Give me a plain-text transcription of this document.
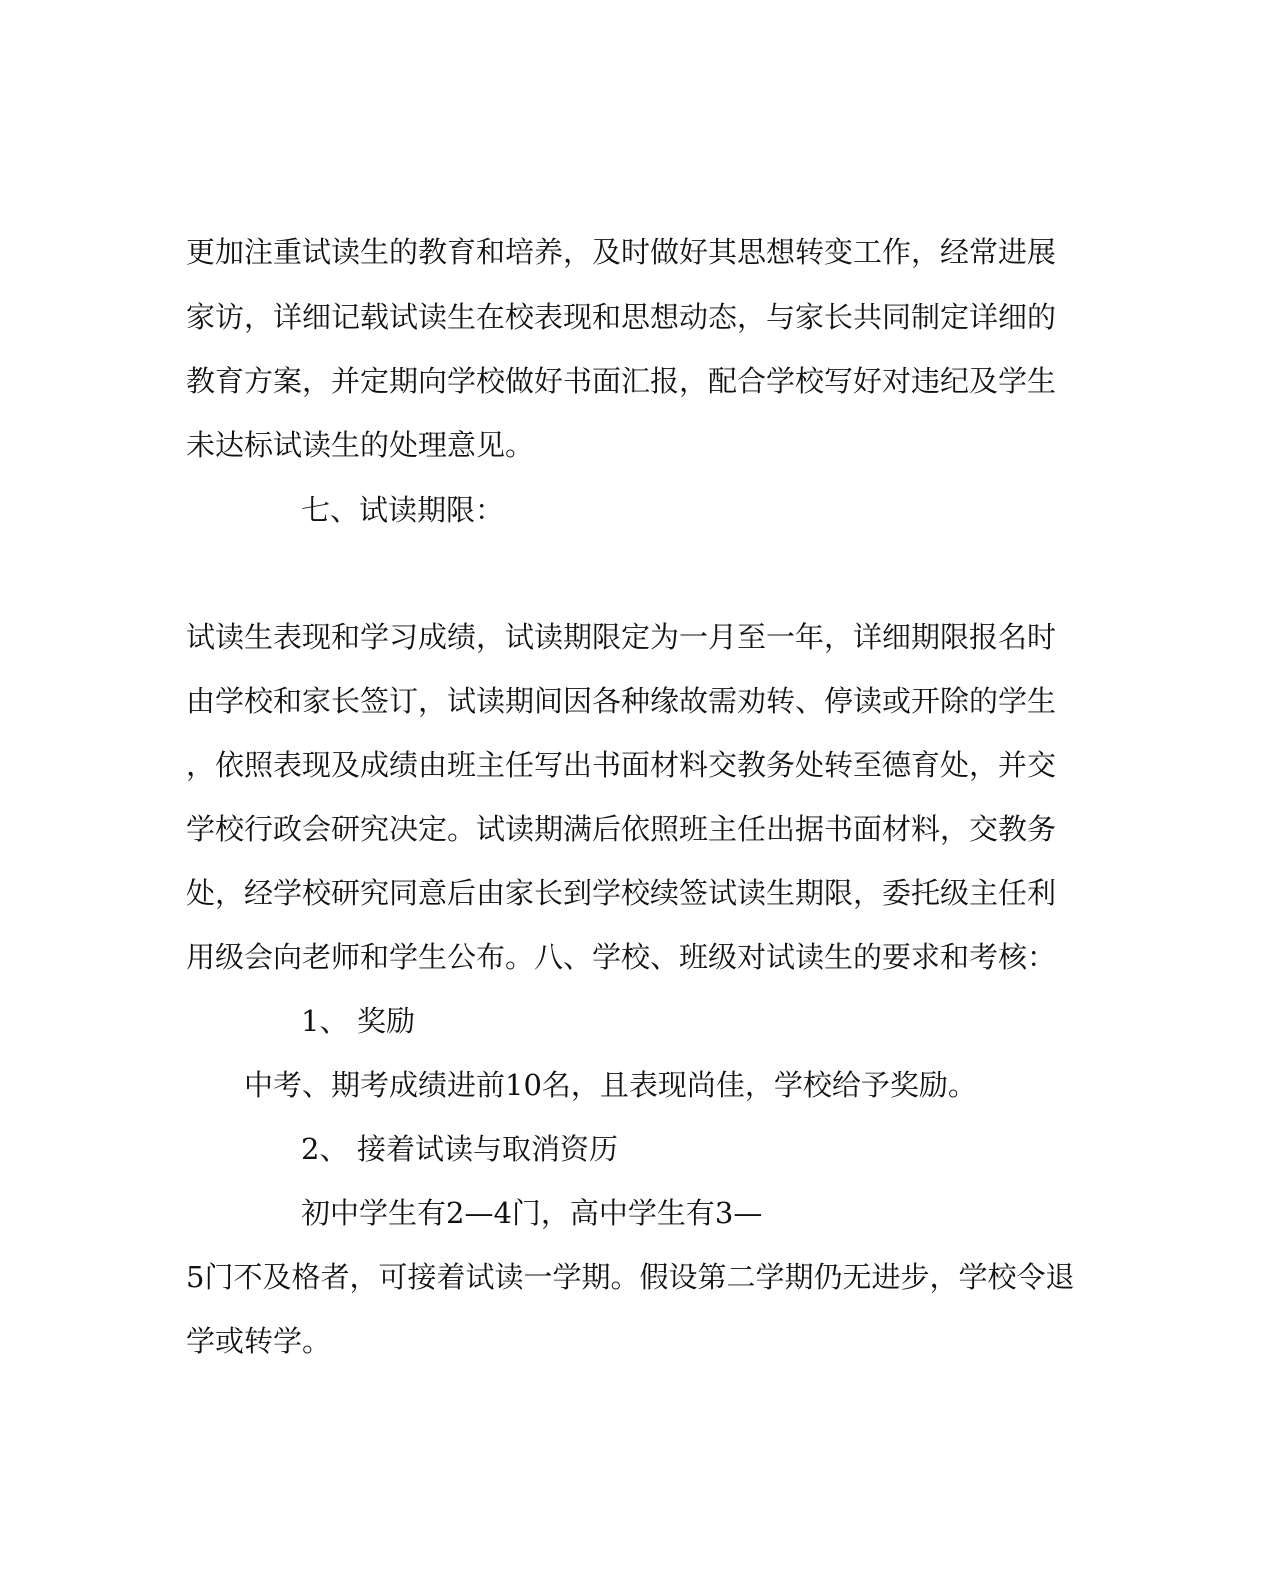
更加注重试读生的教育和培养，及时做好其思想转变工作，经常进展
家访，详细记载试读生在校表现和思想动态，与家长共同制定详细的
教育方案，并定期向学校做好书面汇报，配合学校写好对违纪及学生
未达标试读生的处理意见。
七、试读期限：
试读生表现和学习成绩，试读期限定为一月至一年，详细期限报名时
由学校和家长签订，试读期间因各种缘故需劝转、停读或开除的学生
，依照表现及成绩由班主任写出书面材料交教务处转至德育处，并交
学校行政会研究决定。试读期满后依照班主任出据书面材料，交教务
处，经学校研究同意后由家长到学校续签试读生期限，委托级主任利
用级会向老师和学生公布。八、学校、班级对试读生的要求和考核：
1、 奖励
中考、期考成绩进前10名，且表现尚佳，学校给予奖励。
2、 接着试读与取消资历
初中学生有2—4门，高中学生有3—
5门不及格者，可接着试读一学期。假设第二学期仍无进步，学校令退
学或转学。
